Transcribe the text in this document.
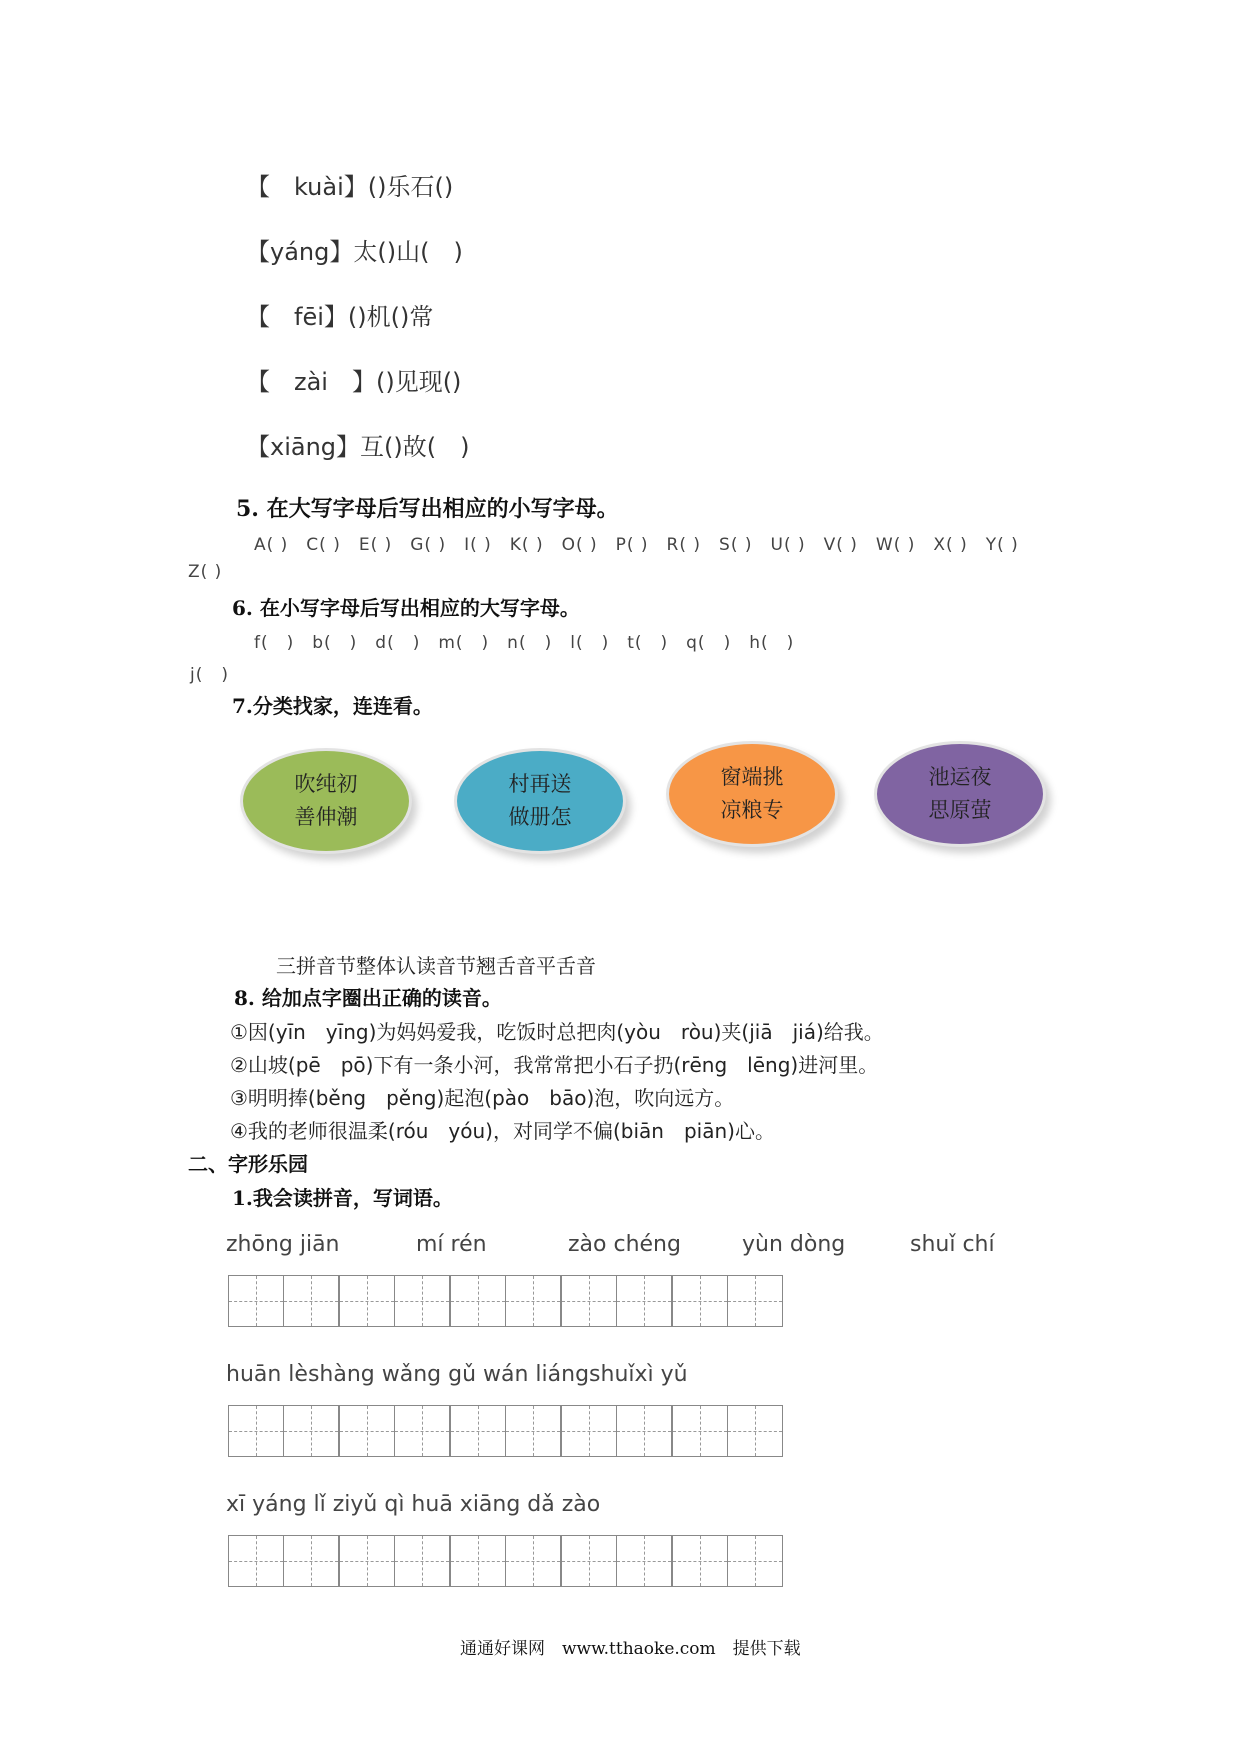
【　kuài】()乐石()
【yáng】太()山(　)
【　fēi】()机()常
【　zài　】()见现()
【xiāng】互()故(　)
5. 在大写字母后写出相应的小写字母。
A( )　C( )　E( )　G( )　I( )　K( )　O( )　P( )　R( )　S( )　U( )　V( )　W( )　X( )　Y( )
Z( )
6. 在小写字母后写出相应的大写字母。
f(　)　b(　)　d(　)　m(　)　n(　)　l(　)　t(　)　q(　)　h(　)
j(　)
7.分类找家，连连看。
吹纯初
善伸潮
村再送
做册怎
窗端挑
凉粮专
池运夜
思原萤
三拼音节整体认读音节翘舌音平舌音
8. 给加点字圈出正确的读音。
①因(yīn　yīng)为妈妈爱我，吃饭时总把肉(yòu　ròu)夹(jiā　jiá)给我。
②山坡(pē　pō)下有一条小河，我常常把小石子扔(rēng　lēng)进河里。
③明明捧(běng　pěng)起泡(pào　bāo)泡，吹向远方。
④我的老师很温柔(róu　yóu)，对同学不偏(biān　piān)心。
二、字形乐园
1.我会读拼音，写词语。
zhōng jiān	mí rén	zào chéng	yùn dòng	shuǐ chí
huān lèshàng wǎng gǔ wán liángshuǐxì yǔ
xī yáng lǐ ziyǔ qì huā xiāng dǎ zào
通通好课网　www.tthaoke.com　提供下载
